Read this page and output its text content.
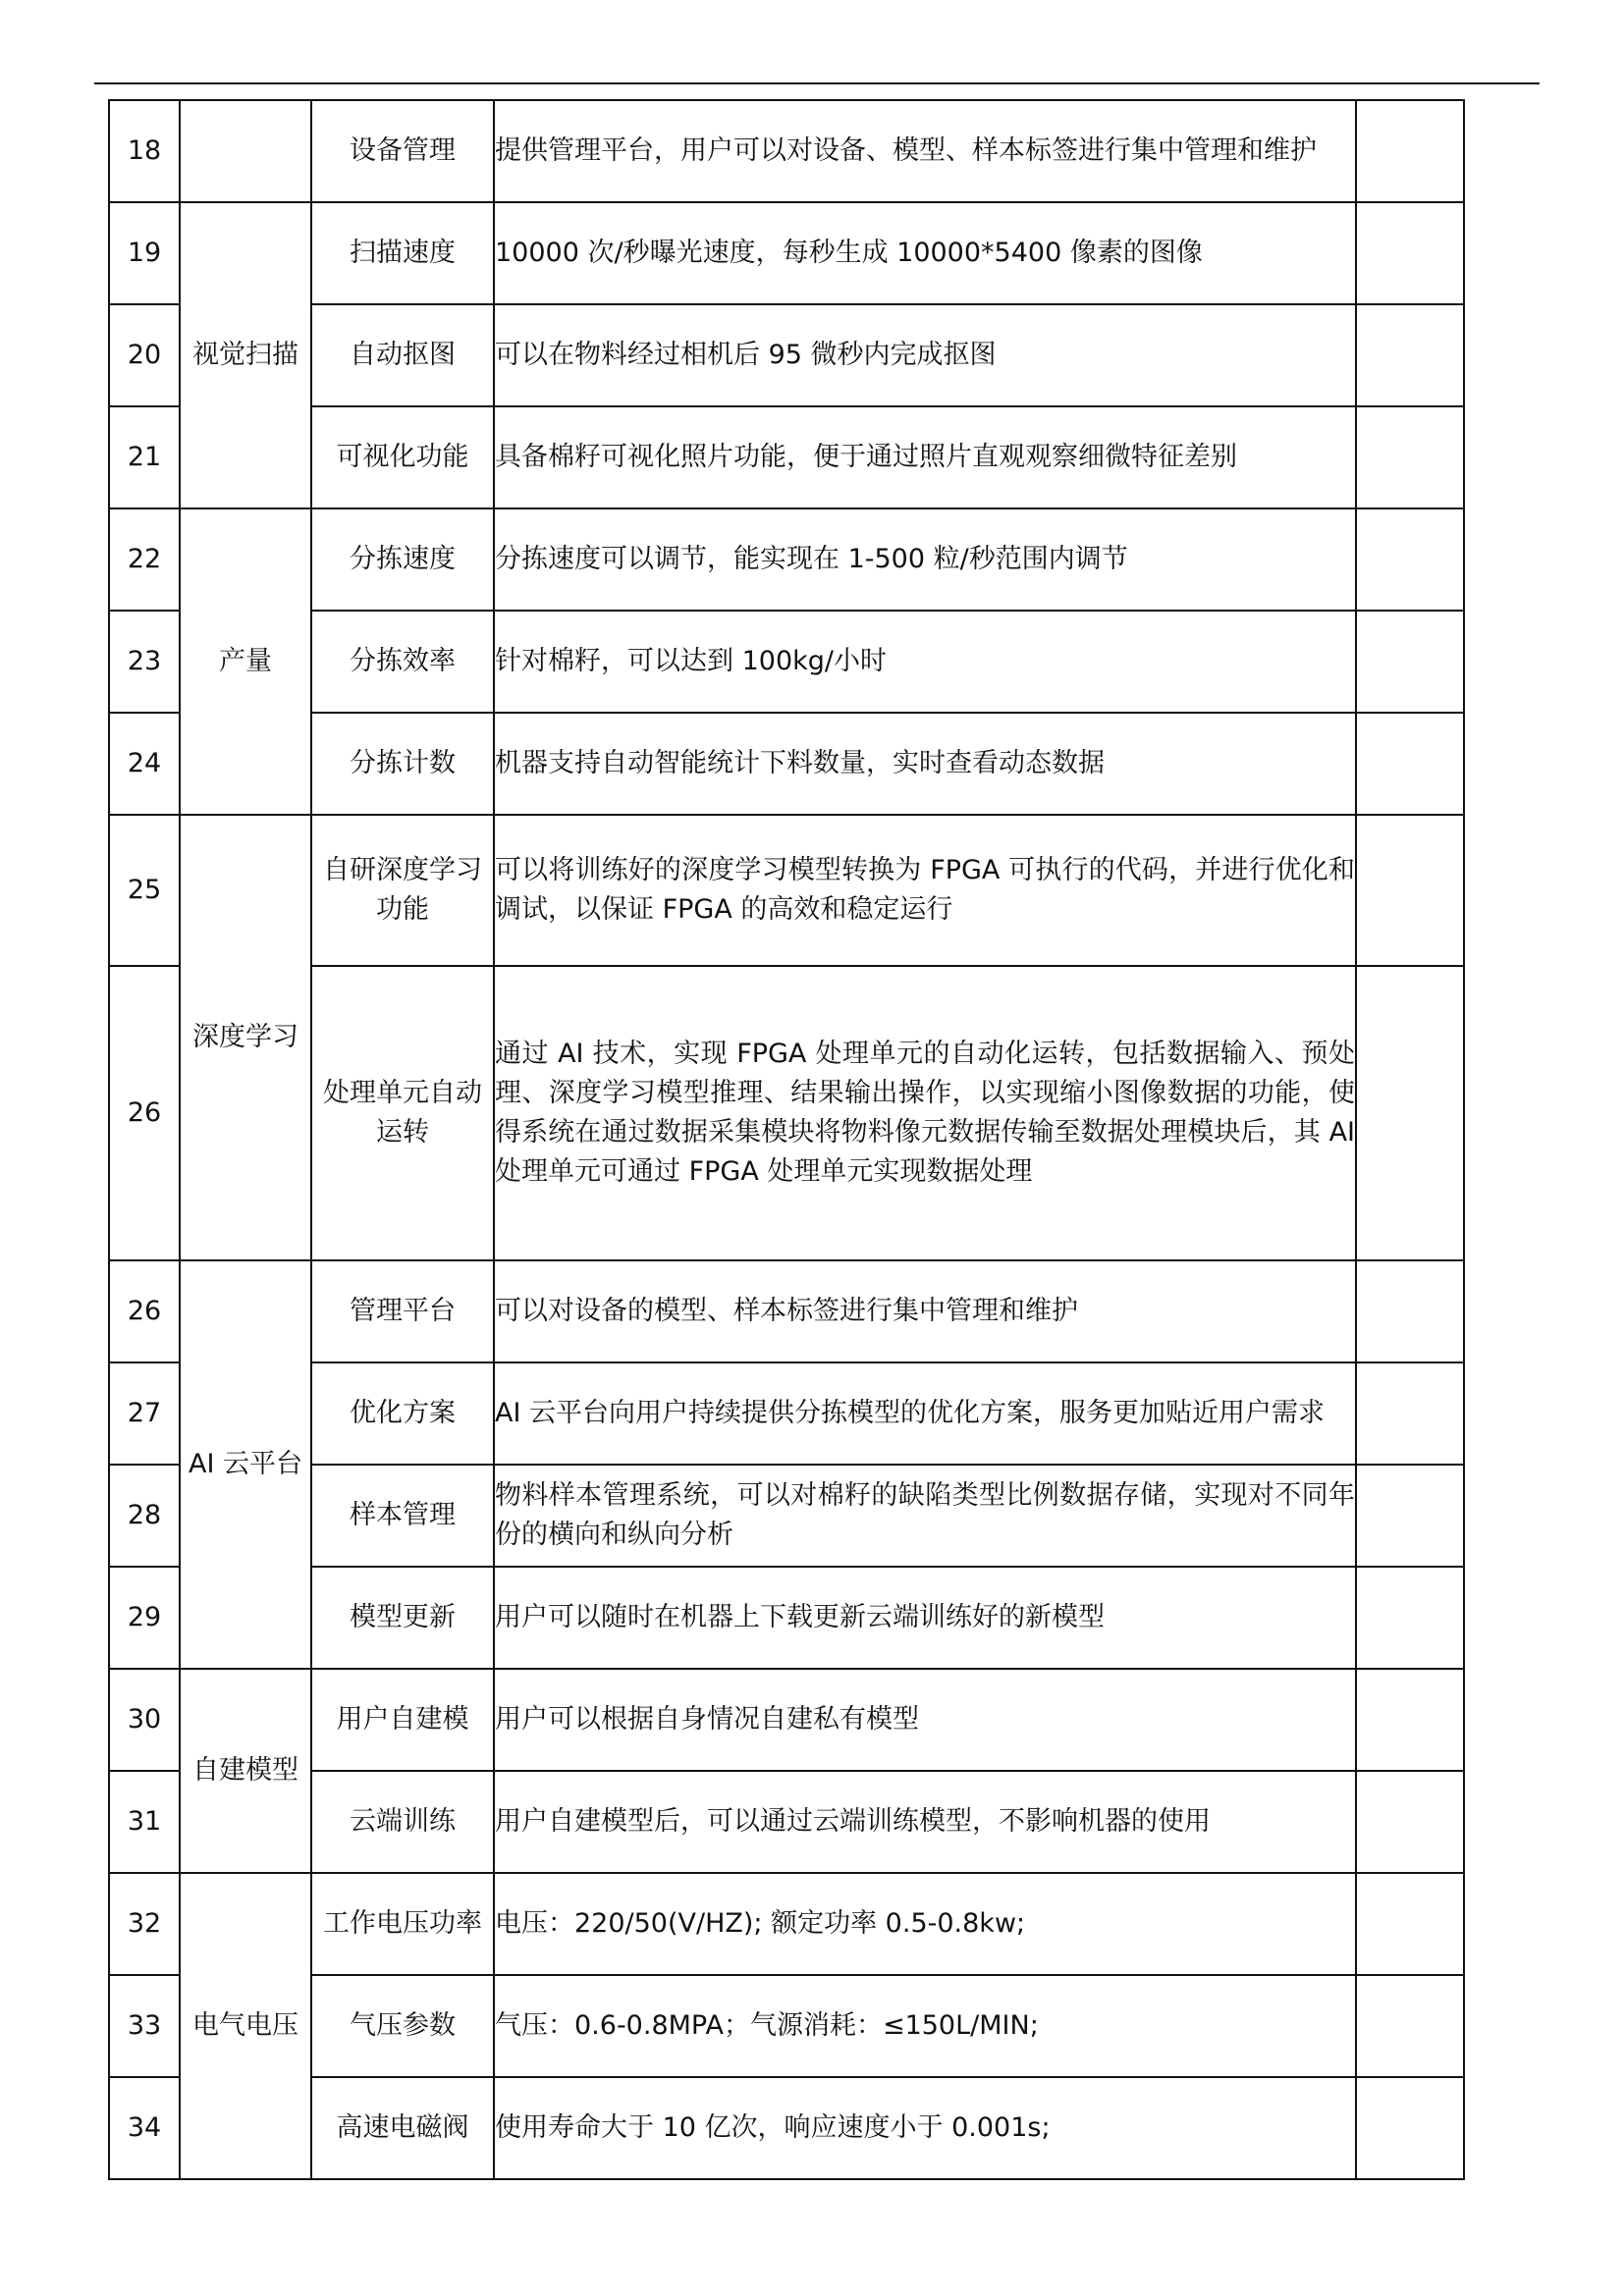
18		设备管理	提供管理平台，用户可以对设备、模型、样本标签进行集中管理和维护	
19	视觉扫描	扫描速度	10000 次/秒曝光速度，每秒生成 10000*5400 像素的图像	
20		自动抠图	可以在物料经过相机后 95 微秒内完成抠图	
21		可视化功能	具备棉籽可视化照片功能，便于通过照片直观观察细微特征差别	
22	产量	分拣速度	分拣速度可以调节，能实现在 1-500 粒/秒范围内调节	
23		分拣效率	针对棉籽，可以达到 100kg/小时	
24		分拣计数	机器支持自动智能统计下料数量，实时查看动态数据	
25	深度学习	自研深度学习功能	可以将训练好的深度学习模型转换为 FPGA 可执行的代码，并进行优化和调试，以保证 FPGA 的高效和稳定运行	
26		处理单元自动运转	通过 AI 技术，实现 FPGA 处理单元的自动化运转，包括数据输入、预处理、深度学习模型推理、结果输出操作，以实现缩小图像数据的功能，使得系统在通过数据采集模块将物料像元数据传输至数据处理模块后，其 AI 处理单元可通过 FPGA 处理单元实现数据处理	
26	AI 云平台	管理平台	可以对设备的模型、样本标签进行集中管理和维护	
27		优化方案	AI 云平台向用户持续提供分拣模型的优化方案，服务更加贴近用户需求	
28		样本管理	物料样本管理系统，可以对棉籽的缺陷类型比例数据存储，实现对不同年份的横向和纵向分析	
29		模型更新	用户可以随时在机器上下载更新云端训练好的新模型	
30	自建模型	用户自建模	用户可以根据自身情况自建私有模型	
31		云端训练	用户自建模型后，可以通过云端训练模型，不影响机器的使用	
32	电气电压	工作电压功率	电压：220/50(V/HZ); 额定功率 0.5-0.8kw;	
33		气压参数	气压：0.6-0.8MPA；气源消耗：≤150L/MIN;	
34		高速电磁阀	使用寿命大于 10 亿次，响应速度小于 0.001s;	
